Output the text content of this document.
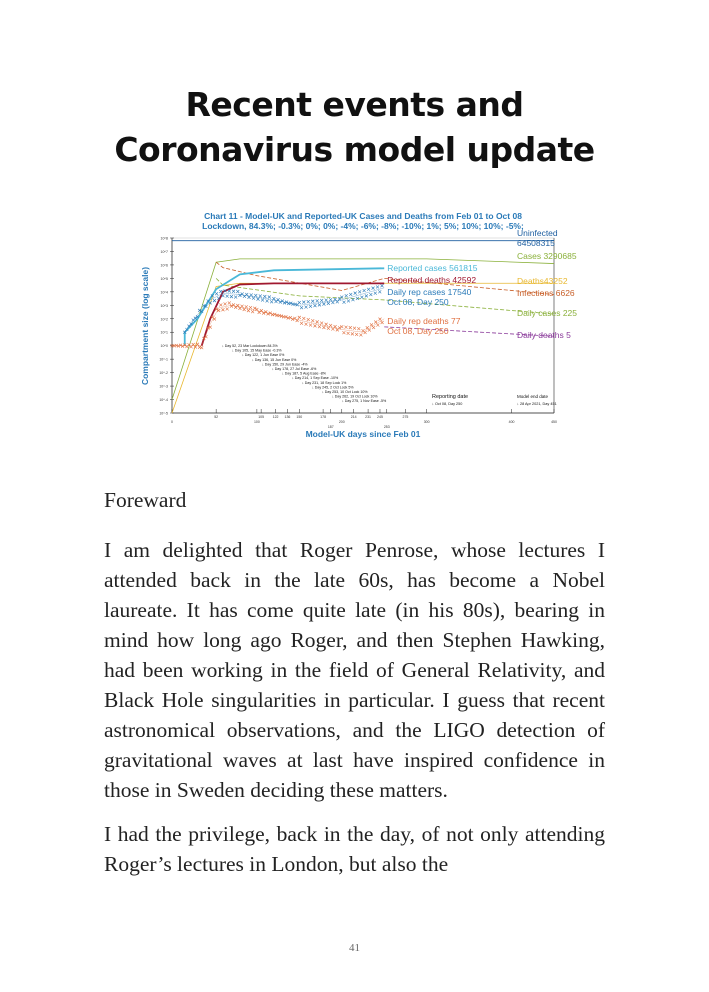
Recent events and
Coronavirus model update
Chart 11 - Model-UK and Reported-UK Cases and Deaths from Feb 01 to Oct 08
Lockdown, 84.3%; -0.3%; 0%; 0%; -4%; -6%; -8%; -10%; 1%; 5%; 10%; 10%; -5%;
Compartment size (log scale)
Model-UK days since Feb 01
10^-5
10^-4
10^-3
10^-2
10^-1
10^0
10^1
10^2
10^3
10^4
10^5
10^6
10^7
10^8
0
52
100
105 122 136 150	178
187
200
214 231 245
253
275
300	400	450
Uninfected
64508315
Cases 3290685
Deaths43252
Infections 6626
Daily cases 225
Daily deaths 5
Reported cases 561815
Reported deaths 42592
Daily rep cases 17540
Oct 08, Day 250
Daily rep deaths 77
Oct 08, Day 250
↓ Day 52, 23 Mar Lockdown 84.3%
↓ Day 105, 15 May Ease -0.3%
↓ Day 122, 1 Jun Ease 0%
↓ Day 136, 15 Jun Ease 0%
↓ Day 150, 29 Jun Ease -4%
↓ Day 178, 27 Jul Ease -6%
↓ Day 187, 5 Aug Ease -8%
↓ Day 214, 1 Sep Ease -10%
↓ Day 231, 18 Sep Lock 1%
↓ Day 245, 2 Oct Lock 5%
↓ Day 253, 10 Oct Lock 10%
↓ Day 262, 19 Oct Lock 10%
↓ Day 275, 1 Nov Ease -5%
Reporting date
↓ Oct 08, Day 250
Model end date
↓ 28 Apr 2021, Day 451
Foreward

I am delighted that Roger Penrose, whose lectures I attended back in the late 60s, has become a Nobel laureate. It has come quite late (in his 80s), bearing in mind how long ago Roger, and then Stephen Hawking, had been working in the field of General Relativity, and Black Hole singularities in particular. I guess that recent astronomical observations, and the LIGO detection of gravitational waves at last have inspired confidence in those in Sweden deciding these matters.

I had the privilege, back in the day, of not only attending Roger’s lectures in London, but also the

41
